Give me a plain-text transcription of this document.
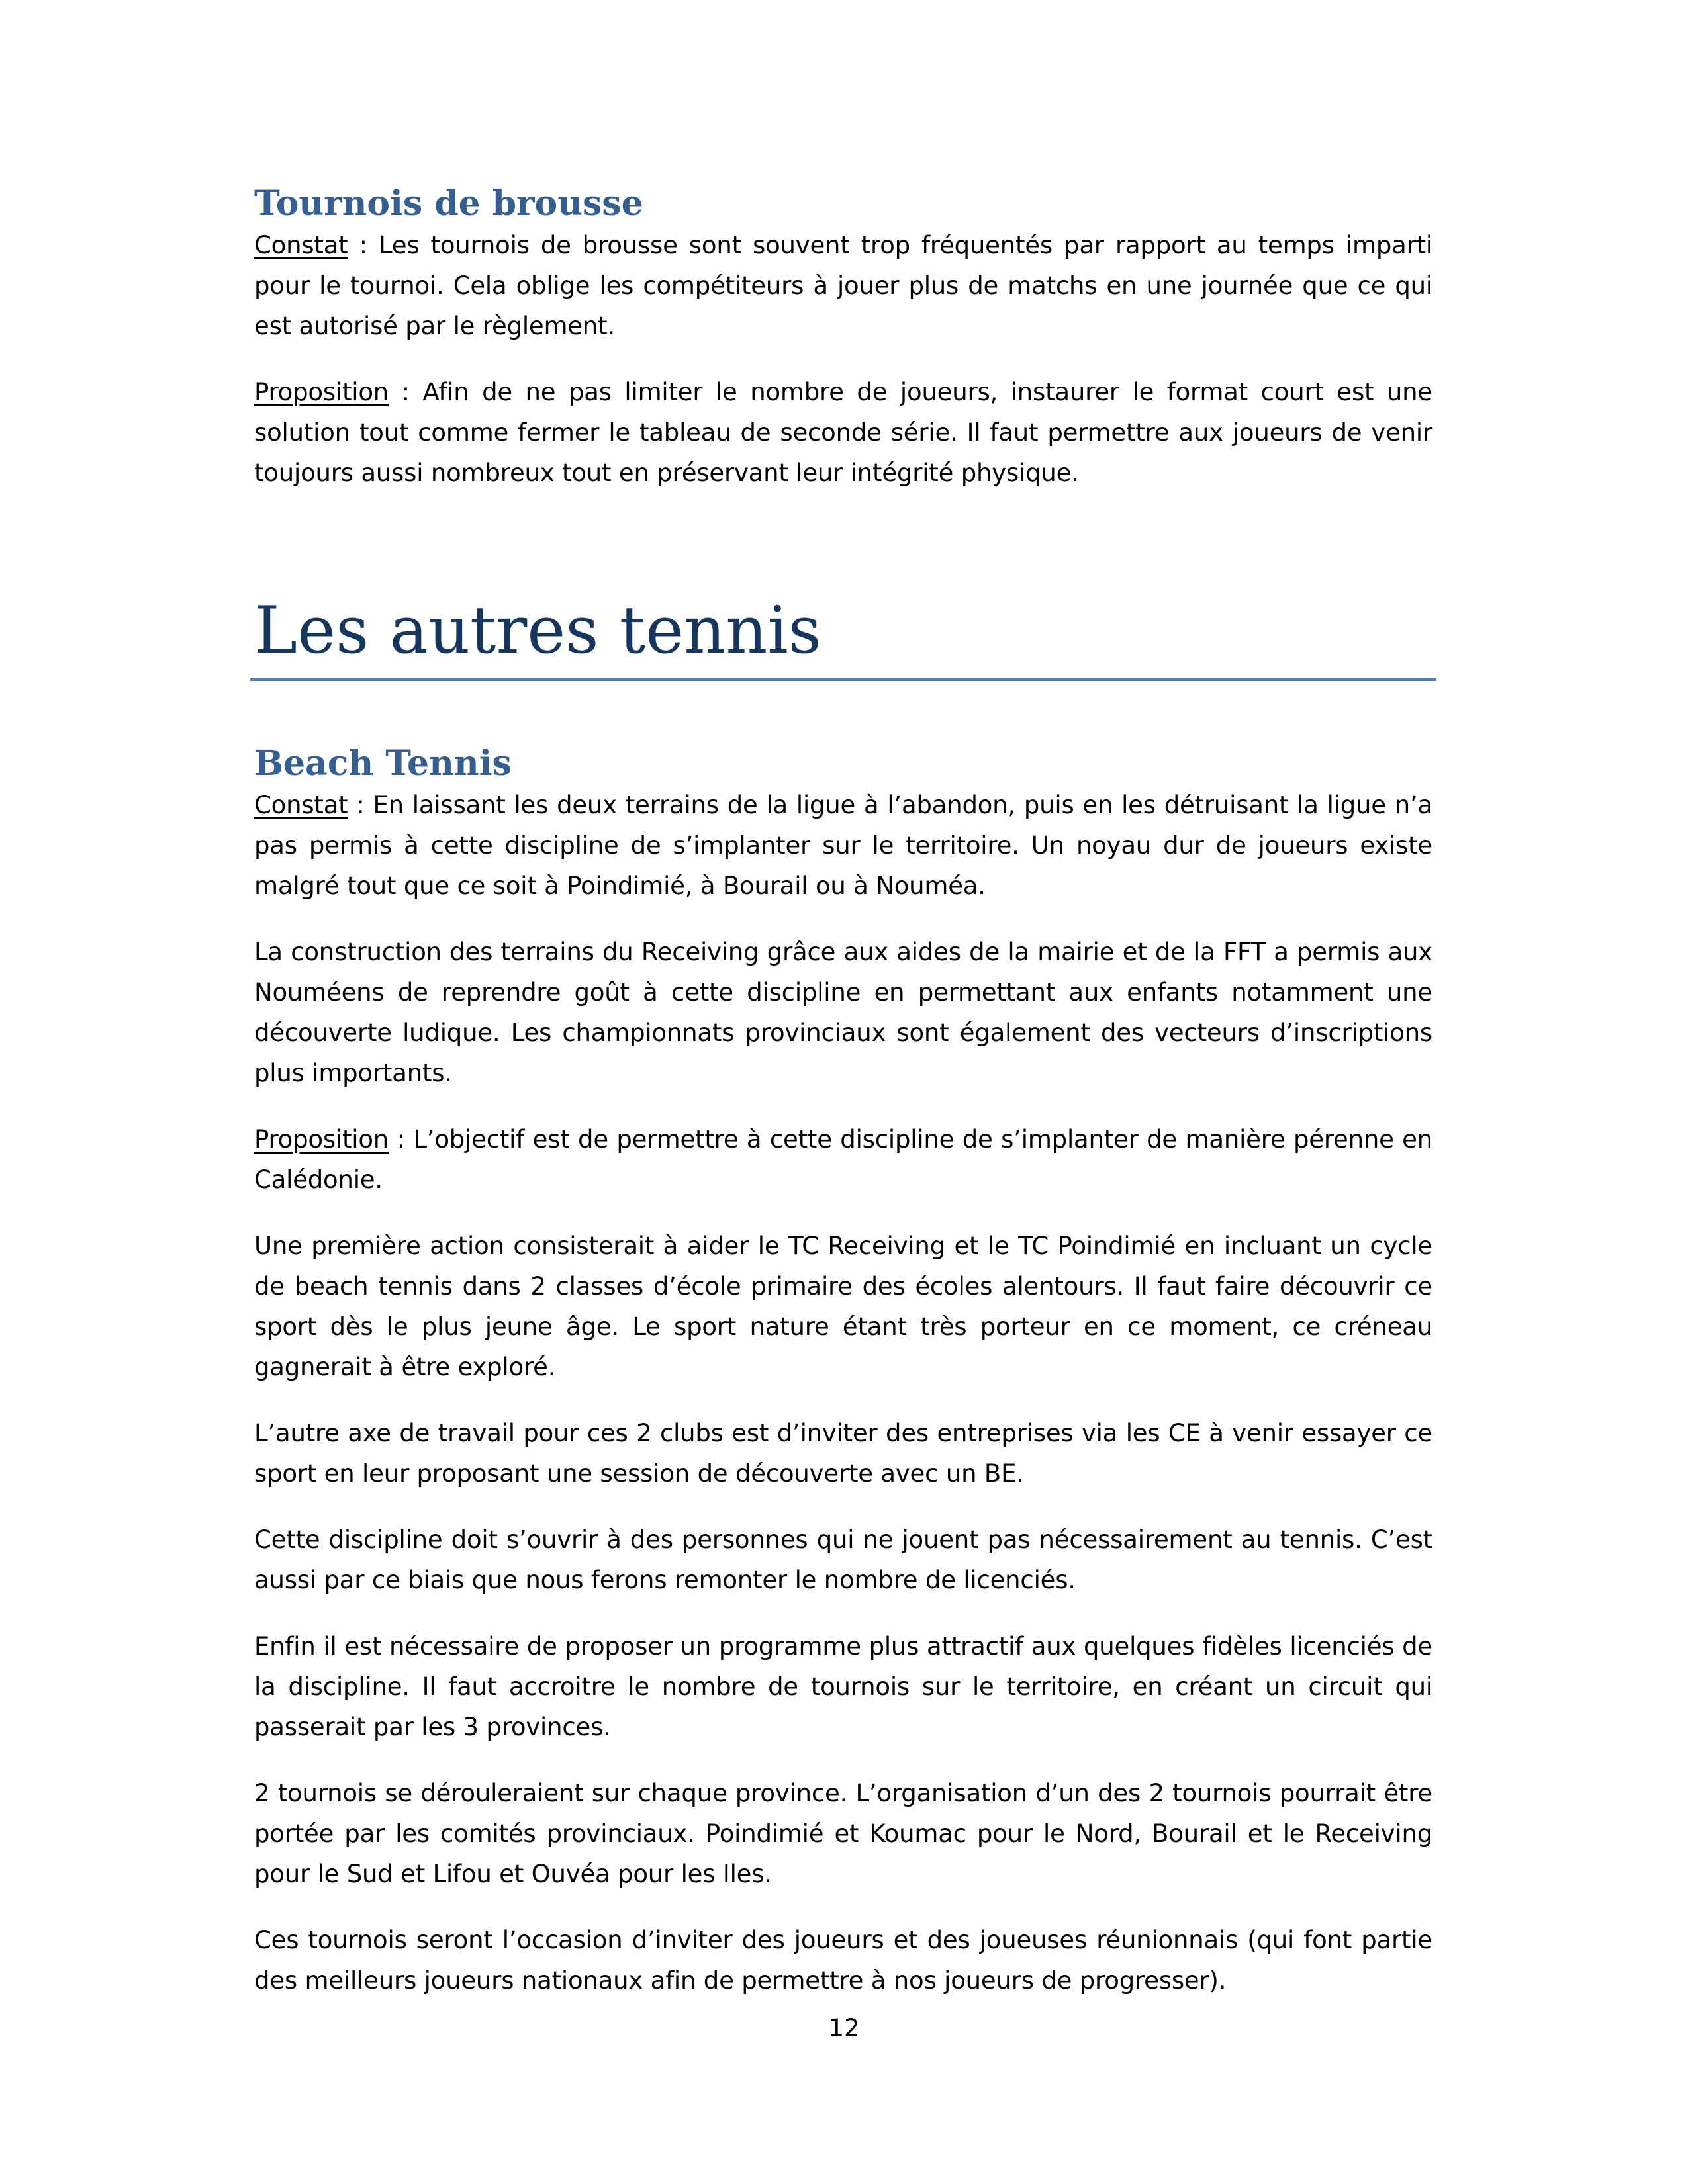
Tournois de brousse

Constat : Les tournois de brousse sont souvent trop fréquentés par rapport au temps imparti pour le tournoi. Cela oblige les compétiteurs à jouer plus de matchs en une journée que ce qui est autorisé par le règlement.

Proposition : Afin de ne pas limiter le nombre de joueurs, instaurer le format court est une solution tout comme fermer le tableau de seconde série. Il faut permettre aux joueurs de venir toujours aussi nombreux tout en préservant leur intégrité physique.

Les autres tennis
Beach Tennis

Constat : En laissant les deux terrains de la ligue à l’abandon, puis en les détruisant la ligue n’a pas permis à cette discipline de s’implanter sur le territoire. Un noyau dur de joueurs existe malgré tout que ce soit à Poindimié, à Bourail ou à Nouméa.

La construction des terrains du Receiving grâce aux aides de la mairie et de la FFT a permis aux Nouméens de reprendre goût à cette discipline en permettant aux enfants notamment une découverte ludique. Les championnats provinciaux sont également des vecteurs d’inscriptions plus importants.

Proposition : L’objectif est de permettre à cette discipline de s’implanter de manière pérenne en Calédonie.

Une première action consisterait à aider le TC Receiving et le TC Poindimié en incluant un cycle de beach tennis dans 2 classes d’école primaire des écoles alentours. Il faut faire découvrir ce sport dès le plus jeune âge. Le sport nature étant très porteur en ce moment, ce créneau gagnerait à être exploré.

L’autre axe de travail pour ces 2 clubs est d’inviter des entreprises via les CE à venir essayer ce sport en leur proposant une session de découverte avec un BE.

Cette discipline doit s’ouvrir à des personnes qui ne jouent pas nécessairement au tennis. C’est aussi par ce biais que nous ferons remonter le nombre de licenciés.

Enfin il est nécessaire de proposer un programme plus attractif aux quelques fidèles licenciés de la discipline. Il faut accroitre le nombre de tournois sur le territoire, en créant un circuit qui passerait par les 3 provinces.

2 tournois se dérouleraient sur chaque province. L’organisation d’un des 2 tournois pourrait être portée par les comités provinciaux. Poindimié et Koumac pour le Nord, Bourail et le Receiving pour le Sud et Lifou et Ouvéa pour les Iles.

Ces tournois seront l’occasion d’inviter des joueurs et des joueuses réunionnais (qui font partie des meilleurs joueurs nationaux afin de permettre à nos joueurs de progresser).

12
